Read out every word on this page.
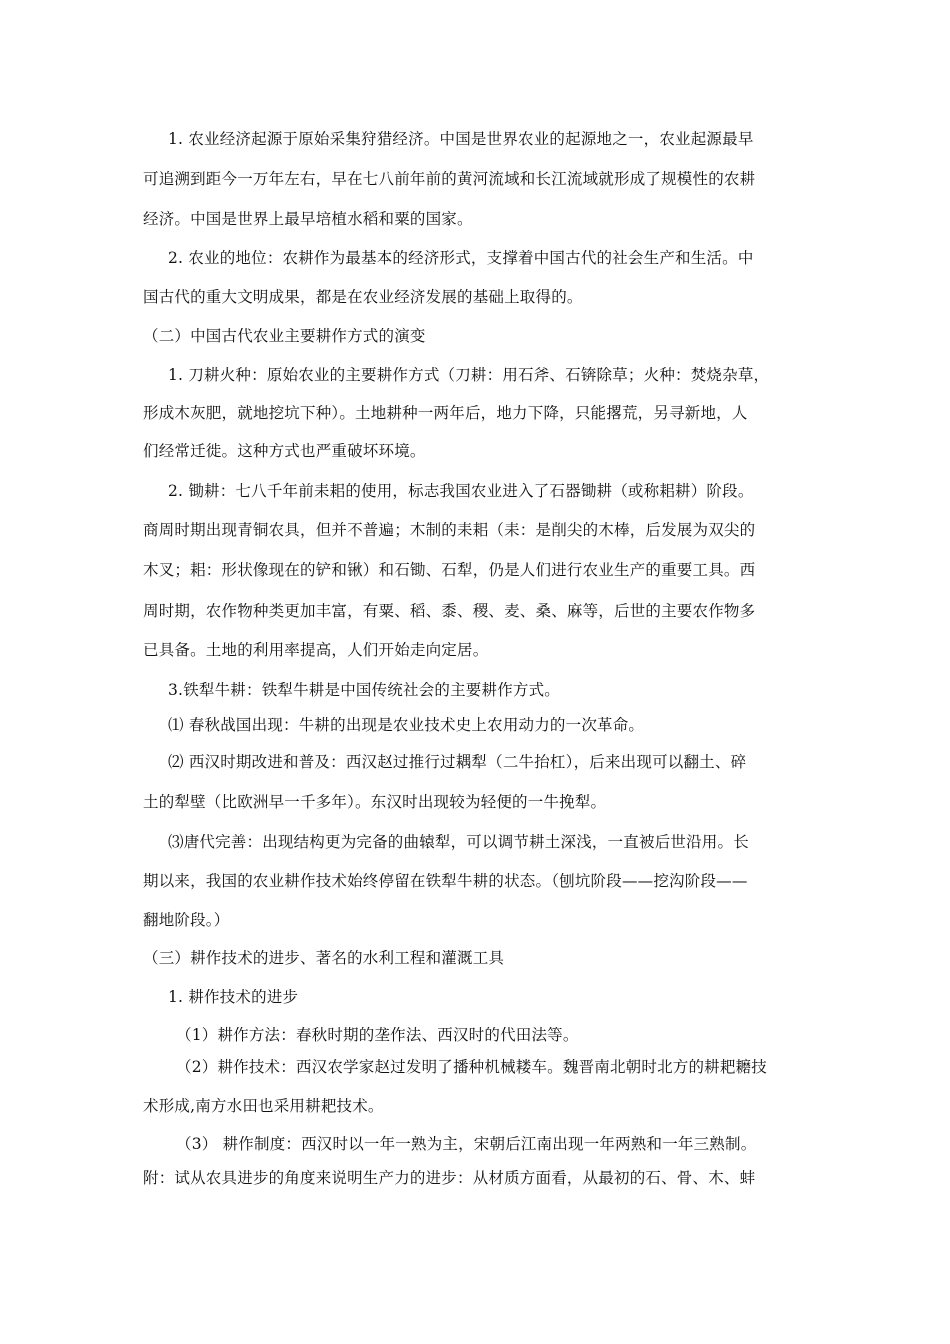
1. 农业经济起源于原始采集狩猎经济。中国是世界农业的起源地之一，农业起源最早
可追溯到距今一万年左右，早在七八前年前的黄河流域和长江流域就形成了规模性的农耕
经济。中国是世界上最早培植水稻和粟的国家。
2. 农业的地位：农耕作为最基本的经济形式，支撑着中国古代的社会生产和生活。中
国古代的重大文明成果，都是在农业经济发展的基础上取得的。
（二）中国古代农业主要耕作方式的演变
1. 刀耕火种：原始农业的主要耕作方式（刀耕：用石斧、石锛除草；火种：焚烧杂草，
形成木灰肥，就地挖坑下种）。土地耕种一两年后，地力下降，只能撂荒，另寻新地，人
们经常迁徙。这种方式也严重破坏环境。
2. 锄耕：七八千年前耒耜的使用，标志我国农业进入了石器锄耕（或称耜耕）阶段。
商周时期出现青铜农具，但并不普遍；木制的耒耜（耒：是削尖的木棒，后发展为双尖的
木叉；耜：形状像现在的铲和锹）和石锄、石犁，仍是人们进行农业生产的重要工具。西
周时期，农作物种类更加丰富，有粟、稻、黍、稷、麦、桑、麻等，后世的主要农作物多
已具备。土地的利用率提高，人们开始走向定居。
3.铁犁牛耕：铁犁牛耕是中国传统社会的主要耕作方式。
⑴ 春秋战国出现：牛耕的出现是农业技术史上农用动力的一次革命。
⑵ 西汉时期改进和普及：西汉赵过推行过耦犁（二牛抬杠），后来出现可以翻土、碎
土的犁壁（比欧洲早一千多年）。东汉时出现较为轻便的一牛挽犁。
⑶唐代完善：出现结构更为完备的曲辕犁，可以调节耕土深浅，一直被后世沿用。长
期以来，我国的农业耕作技术始终停留在铁犁牛耕的状态。（刨坑阶段——挖沟阶段——
翻地阶段。）
（三）耕作技术的进步、著名的水利工程和灌溉工具
1. 耕作技术的进步
（1）耕作方法：春秋时期的垄作法、西汉时的代田法等。
（2）耕作技术：西汉农学家赵过发明了播种机械耧车。魏晋南北朝时北方的耕耙耱技
术形成,南方水田也采用耕耙技术。
（3） 耕作制度：西汉时以一年一熟为主，宋朝后江南出现一年两熟和一年三熟制。
附：试从农具进步的角度来说明生产力的进步：从材质方面看，从最初的石、骨、木、蚌
